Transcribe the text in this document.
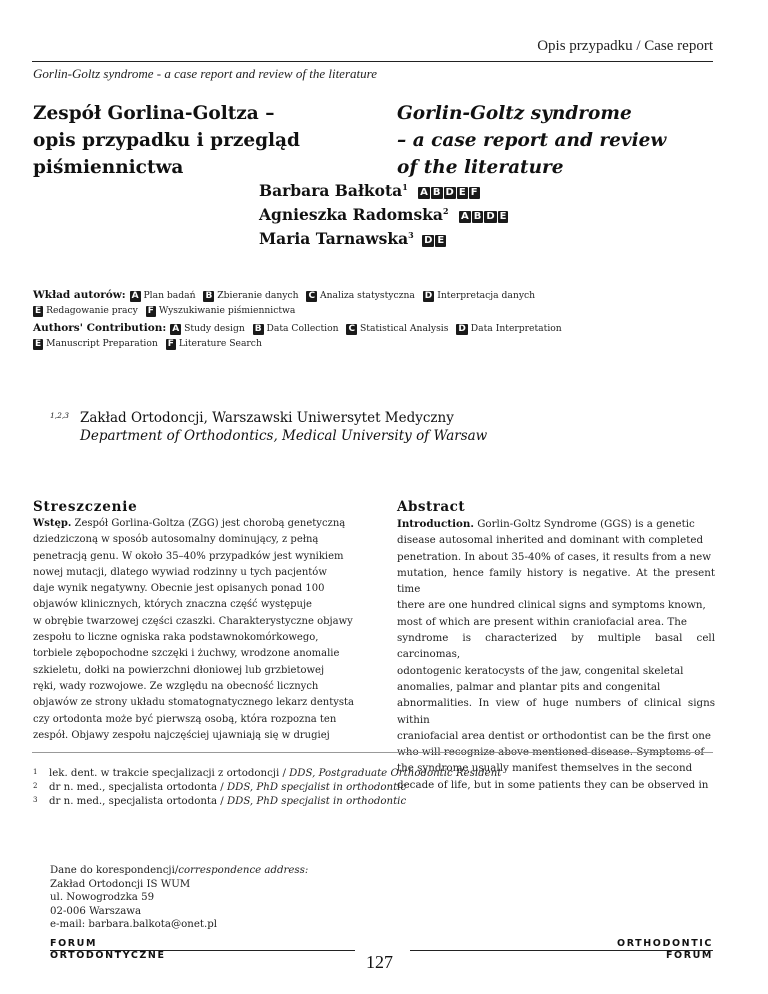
Opis przypadku / Case report
Gorlin-Goltz syndrome - a case report and review of the literature
Zespół Gorlina-Goltza –
opis przypadku i przegląd
piśmiennictwa
Gorlin-Goltz syndrome
– a case report and review
of the literature
Barbara Bałkota$^1$ A B D E F
Agnieszka Radomska$^2$ A B D E
Maria Tarnawska$^3$ D E
Wkład autorów: A Plan badań B Zbieranie danych C Analiza statystyczna D Interpretacja danych
E Redagowanie pracy F Wyszukiwanie piśmiennictwa
Authors' Contribution: A Study design B Data Collection C Statistical Analysis D Data Interpretation
E Manuscript Preparation F Literature Search
1,2,3 Zakład Ortodoncji, Warszawski Uniwersytet Medyczny
Department of Orthodontics, Medical University of Warsaw
Streszczenie	Abstract
Wstęp. Zespół Gorlina-Goltza (ZGG) jest chorobą genetyczną
dziedziczoną w sposób autosomalny dominujący, z pełną
penetracją genu. W około 35–40% przypadków jest wynikiem
nowej mutacji, dlatego wywiad rodzinny u tych pacjentów
daje wynik negatywny. Obecnie jest opisanych ponad 100
objawów klinicznych, których znaczna część występuje
w obrębie twarzowej części czaszki. Charakterystyczne objawy
zespołu to liczne ogniska raka podstawnokomórkowego,
torbiele zębopochodne szczęki i żuchwy, wrodzone anomalie
szkieletu, dołki na powierzchni dłoniowej lub grzbietowej
ręki, wady rozwojowe. Ze względu na obecność licznych
objawów ze strony układu stomatognatycznego lekarz dentysta
czy ortodonta może być pierwszą osobą, która rozpozna ten
zespół. Objawy zespołu najczęściej ujawniają się w drugiej
Introduction. Gorlin-Goltz Syndrome (GGS) is a genetic
disease autosomal inherited and dominant with completed
penetration. In about 35-40% of cases, it results from a new
mutation, hence family history is negative. At the present time
there are one hundred clinical signs and symptoms known,
most of which are present within craniofacial area. The
syndrome is characterized by multiple basal cell carcinomas,
odontogenic keratocysts of the jaw, congenital skeletal
anomalies, palmar and plantar pits and congenital
abnormalities. In view of huge numbers of clinical signs within
craniofacial area dentist or orthodontist can be the first one
who will recognize above mentioned disease. Symptoms of
the syndrome usually manifest themselves in the second
decade of life, but in some patients they can be observed in
1 lek. dent. w trakcie specjalizacji z ortodoncji / DDS, Postgraduate Orthodontic Resident
2 dr n. med., specjalista ortodonta / DDS, PhD specjalist in orthodontic
3 dr n. med., specjalista ortodonta / DDS, PhD specjalist in orthodontic
Dane do korespondencji/correspondence address:
Zakład Ortodoncji IS WUM
ul. Nowogrodzka 59
02-006 Warszawa
e-mail: barbara.balkota@onet.pl
FORUM
ORTODONTYCZNE	127
ORTHODONTIC
FORUM
